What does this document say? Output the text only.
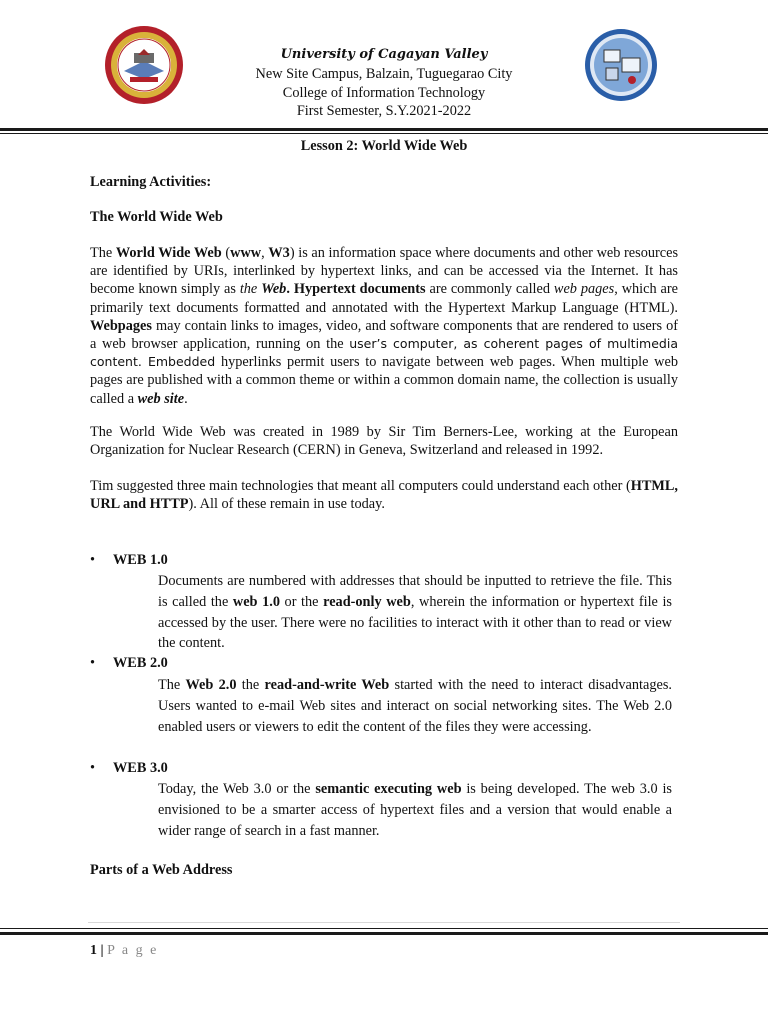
University of Cagayan Valley
New Site Campus, Balzain, Tuguegarao City
College of Information Technology
First Semester, S.Y.2021-2022
Lesson 2: World Wide Web
Learning Activities:
The World Wide Web
The World Wide Web (www, W3) is an information space where documents and other web resources are identified by URIs, interlinked by hypertext links, and can be accessed via the Internet. It has become known simply as the Web. Hypertext documents are commonly called web pages, which are primarily text documents formatted and annotated with the Hypertext Markup Language (HTML). Webpages may contain links to images, video, and software components that are rendered to users of a web browser application, running on the user’s computer, as coherent pages of multimedia content. Embedded hyperlinks permit users to navigate between web pages. When multiple web pages are published with a common theme or within a common domain name, the collection is usually called a web site.
The World Wide Web was created in 1989 by Sir Tim Berners-Lee, working at the European Organization for Nuclear Research (CERN) in Geneva, Switzerland and released in 1992.
Tim suggested three main technologies that meant all computers could understand each other (HTML, URL and HTTP). All of these remain in use today.
• WEB 1.0
Documents are numbered with addresses that should be inputted to retrieve the file. This is called the web 1.0 or the read-only web, wherein the information or hypertext file is accessed by the user. There were no facilities to interact with it other than to read or view the content.
• WEB 2.0
The Web 2.0 the read-and-write Web started with the need to interact disadvantages. Users wanted to e-mail Web sites and interact on social networking sites. The Web 2.0 enabled users or viewers to edit the content of the files they were accessing.
• WEB 3.0
Today, the Web 3.0 or the semantic executing web is being developed. The web 3.0 is envisioned to be a smarter access of hypertext files and a version that would enable a wider range of search in a fast manner.
Parts of a Web Address
1 | P a g e
